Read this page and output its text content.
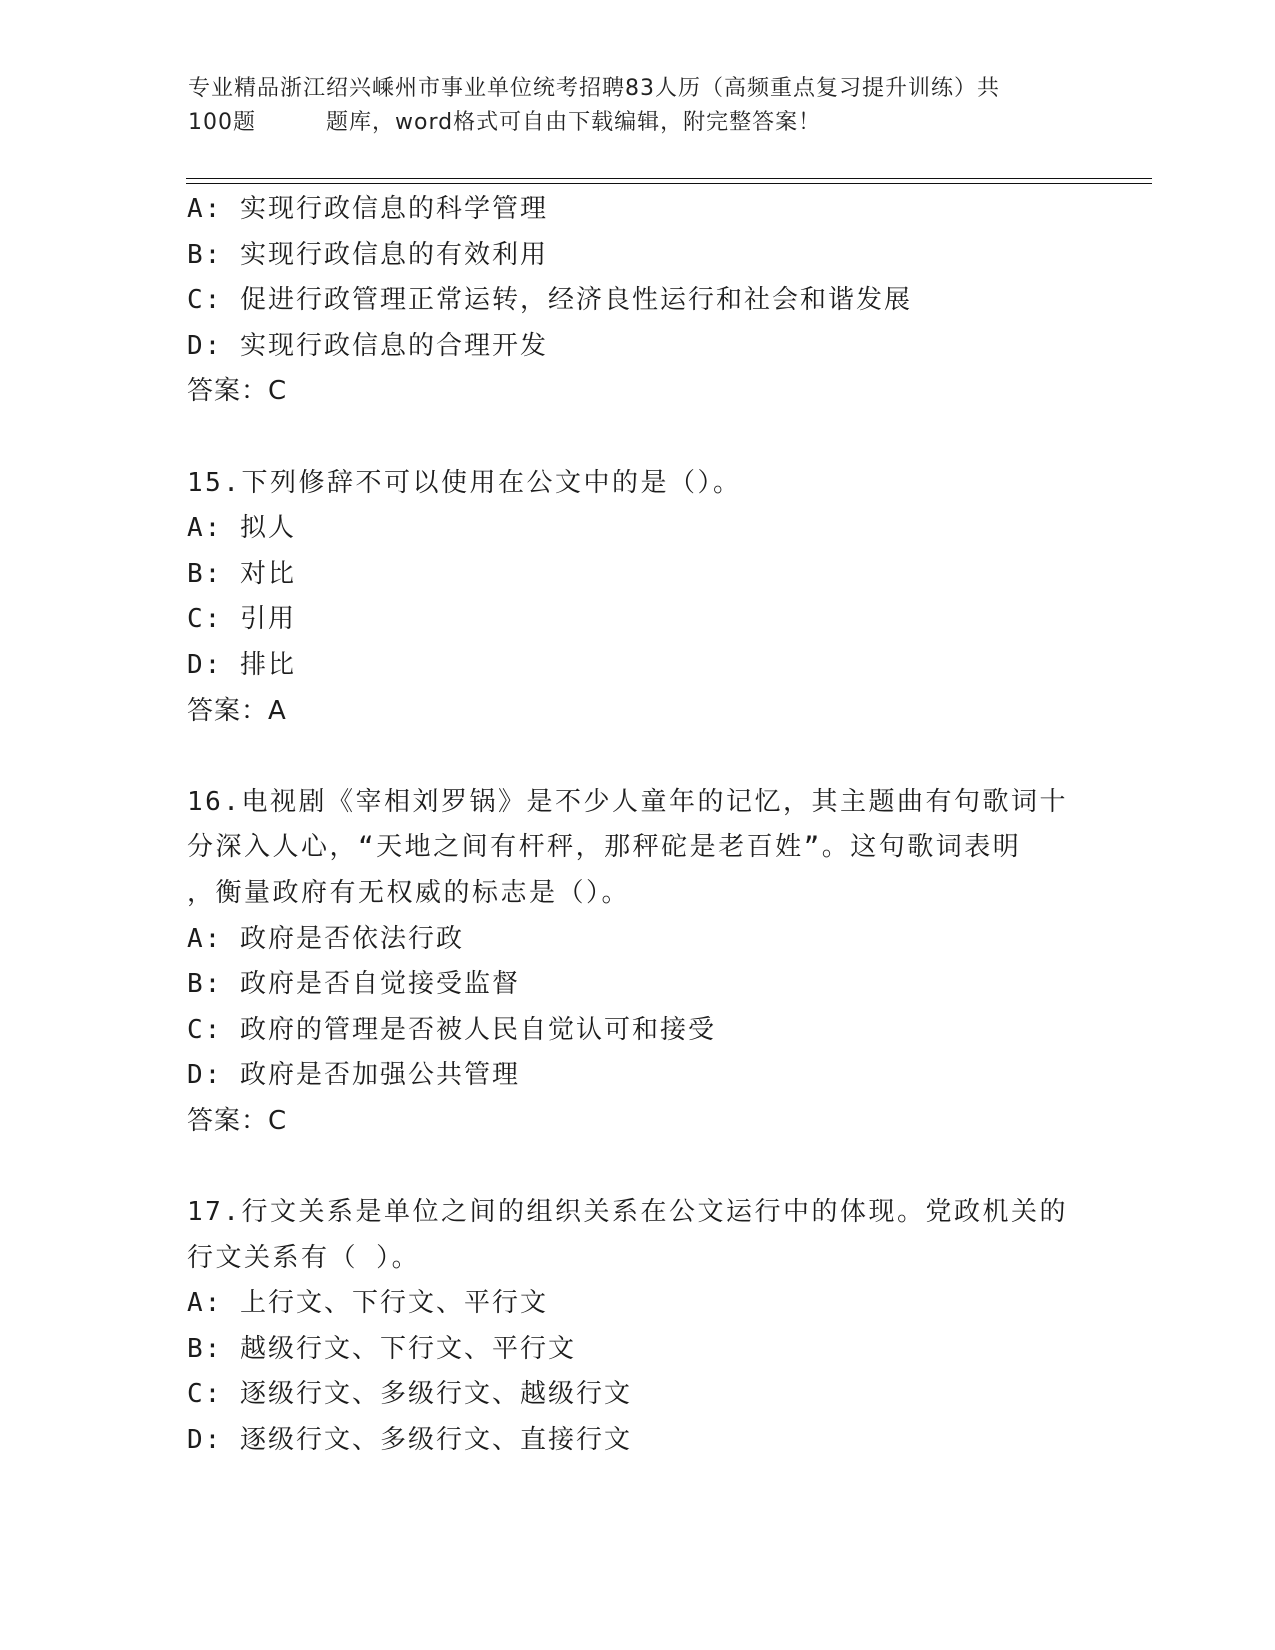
专业精品浙江绍兴嵊州市事业单位统考招聘83人历（高频重点复习提升训练）共
100题	题库，word格式可自由下载编辑，附完整答案！
A: 实现行政信息的科学管理
B: 实现行政信息的有效利用
C: 促进行政管理正常运转，经济良性运行和社会和谐发展
D: 实现行政信息的合理开发
答案：C
15.下列修辞不可以使用在公文中的是（）。
A: 拟人
B: 对比
C: 引用
D: 排比
答案：A
16.电视剧《宰相刘罗锅》是不少人童年的记忆，其主题曲有句歌词十
分深入人心，“天地之间有杆秤，那秤砣是老百姓”。这句歌词表明
，衡量政府有无权威的标志是（）。
A: 政府是否依法行政
B: 政府是否自觉接受监督
C: 政府的管理是否被人民自觉认可和接受
D: 政府是否加强公共管理
答案：C
17.行文关系是单位之间的组织关系在公文运行中的体现。党政机关的
行文关系有（ ）。
A: 上行文、下行文、平行文
B: 越级行文、下行文、平行文
C: 逐级行文、多级行文、越级行文
D: 逐级行文、多级行文、直接行文
